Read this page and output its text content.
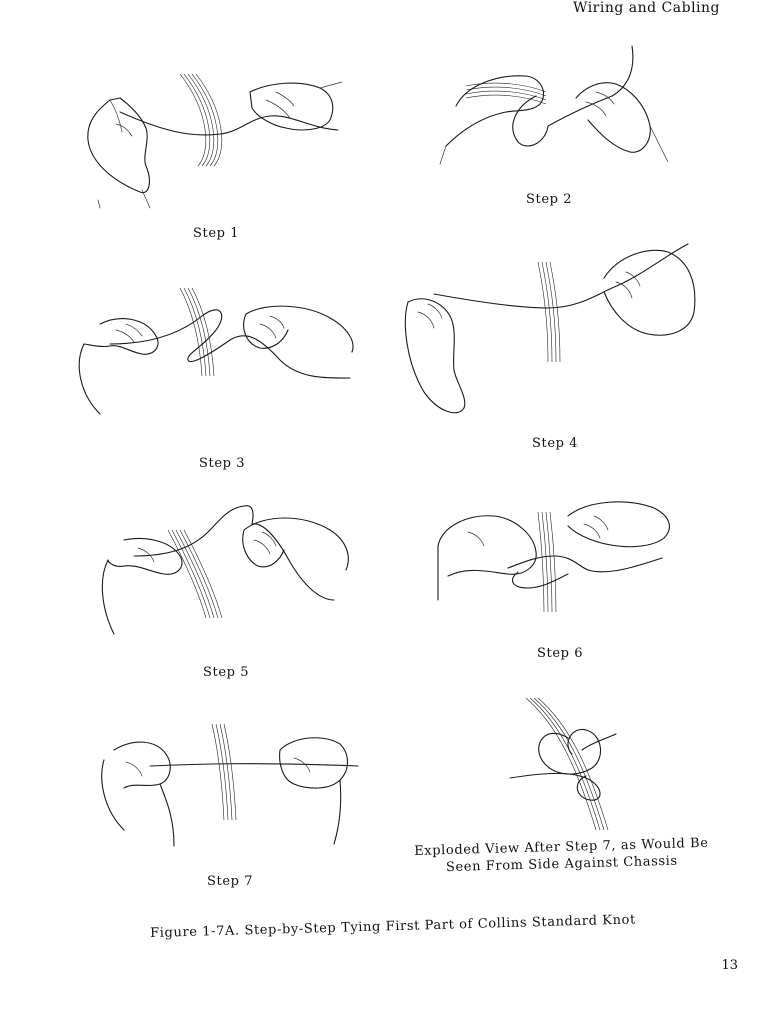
Wiring and Cabling
Step 1
Step 2
Step 3
Step 4
Step 5
Step 6
Step 7
Exploded View After Step 7, as Would Be
Seen From Side Against Chassis
Figure 1-7A. Step-by-Step Tying First Part of Collins Standard Knot
13
